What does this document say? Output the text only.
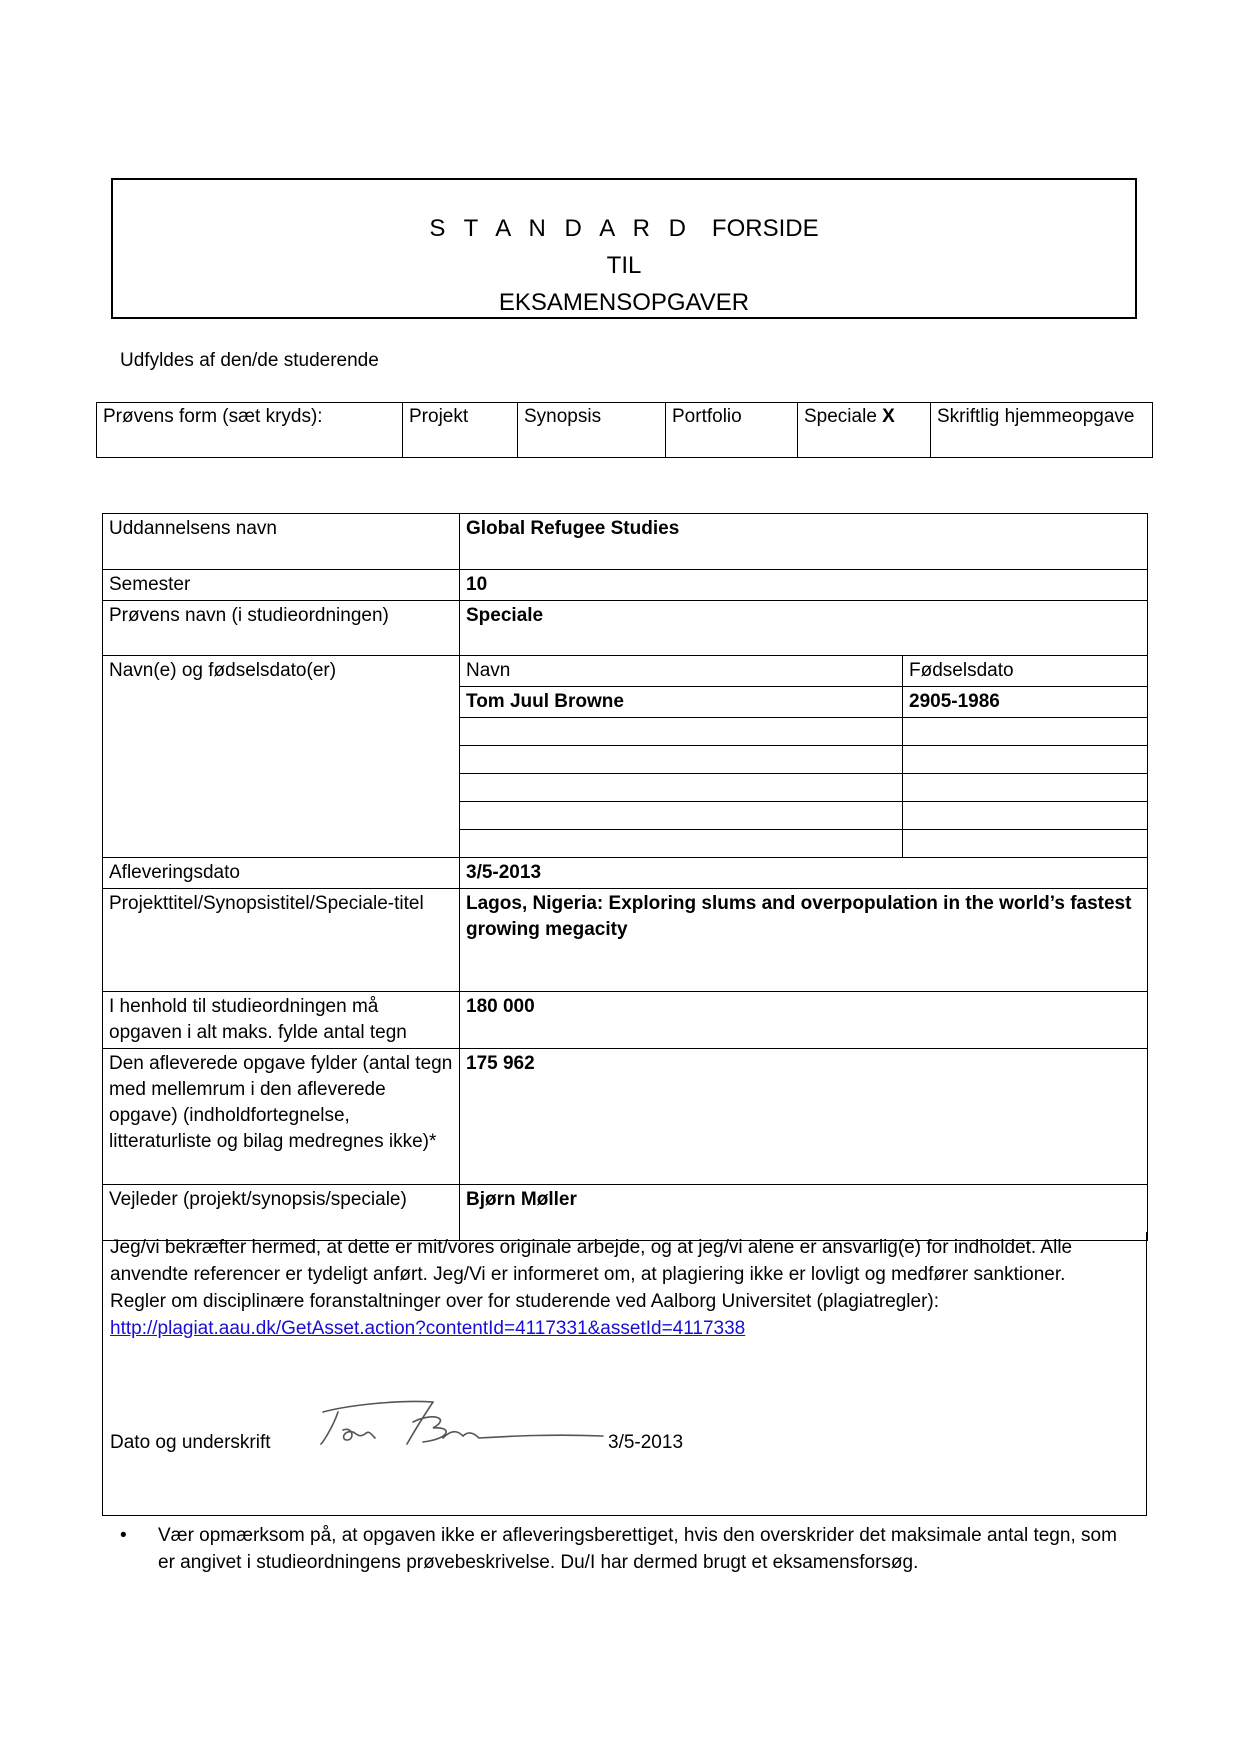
S T A N D A R D FORSIDE
TIL
EKSAMENSOPGAVER
Udfyldes af den/de studerende
Prøvens form (sæt kryds):	Projekt	Synopsis	Portfolio	Speciale X	Skriftlig hjemmeopgave
Uddannelsens navn	Global Refugee Studies	
Semester	10	
Prøvens navn (i studieordningen)	Speciale	
Navn(e) og fødselsdato(er)	Navn	Fødselsdato
	Tom Juul Browne	2905-1986

Afleveringsdato	3/5-2013	
Projekttitel/Synopsistitel/Speciale-titel	Lagos, Nigeria: Exploring slums and overpopulation in the world’s fastest growing megacity	
I henhold til studieordningen må opgaven i alt maks. fylde antal tegn	180 000	
Den afleverede opgave fylder (antal tegn med mellemrum i den afleverede opgave) (indholdfortegnelse, litteraturliste og bilag medregnes ikke)*	175 962	
Vejleder (projekt/synopsis/speciale)	Bjørn Møller	
Jeg/vi bekræfter hermed, at dette er mit/vores originale arbejde, og at jeg/vi alene er ansvarlig(e) for indholdet. Alle anvendte referencer er tydeligt anført. Jeg/Vi er informeret om, at plagiering ikke er lovligt og medfører sanktioner.
Regler om disciplinære foranstaltninger over for studerende ved Aalborg Universitet (plagiatregler):
http://plagiat.aau.dk/GetAsset.action?contentId=4117331&assetId=4117338
Dato og underskrift	3/5-2013
• Vær opmærksom på, at opgaven ikke er afleveringsberettiget, hvis den overskrider det maksimale antal tegn, som er angivet i studieordningens prøvebeskrivelse. Du/I har dermed brugt et eksamensforsøg.
